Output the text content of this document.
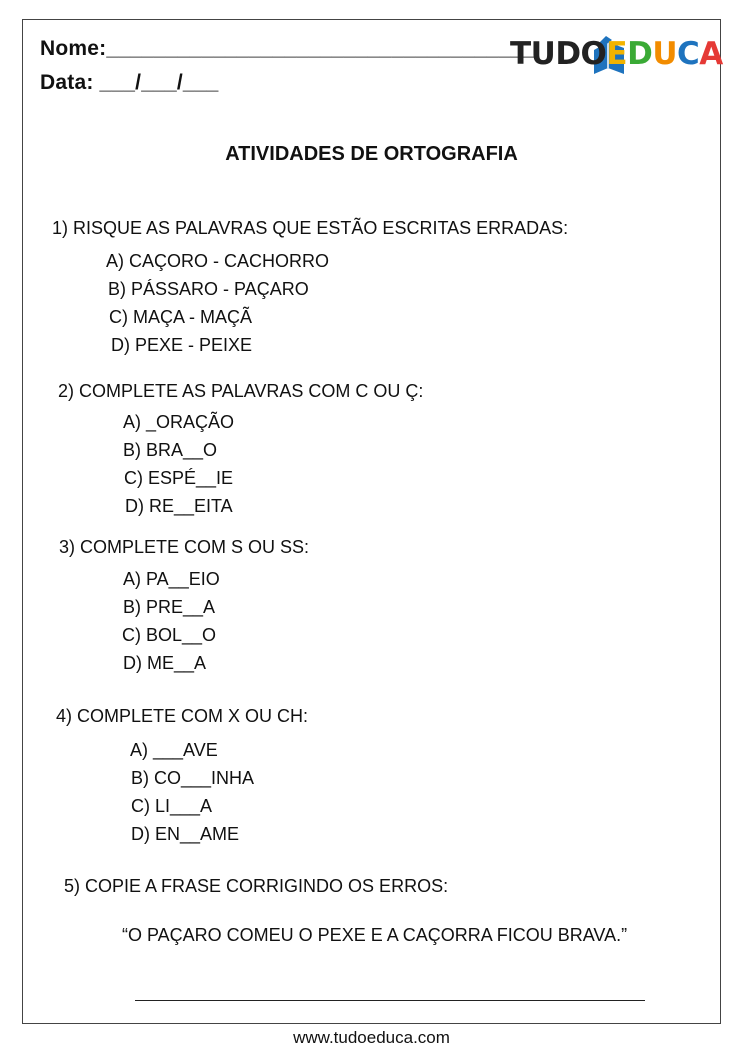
Nome:____________________________________
Data: ___/___/___
TUDOEDUCA
ATIVIDADES DE ORTOGRAFIA
1) RISQUE AS PALAVRAS QUE ESTÃO ESCRITAS ERRADAS:
A) CAÇORO - CACHORRO
B) PÁSSARO - PAÇARO
C) MAÇA - MAÇÃ
D) PEXE - PEIXE
2) COMPLETE AS PALAVRAS COM C OU Ç:
A) _ORAÇÃO
B) BRA__O
C) ESPÉ__IE
D) RE__EITA
3) COMPLETE COM S OU SS:
A) PA__EIO
B) PRE__A
C) BOL__O
D) ME__A
4) COMPLETE COM X OU CH:
A) ___AVE
B) CO___INHA
C) LI___A
D) EN__AME
5) COPIE A FRASE CORRIGINDO OS ERROS:
“O PAÇARO COMEU O PEXE E A CAÇORRA FICOU BRAVA.”
www.tudoeduca.com
